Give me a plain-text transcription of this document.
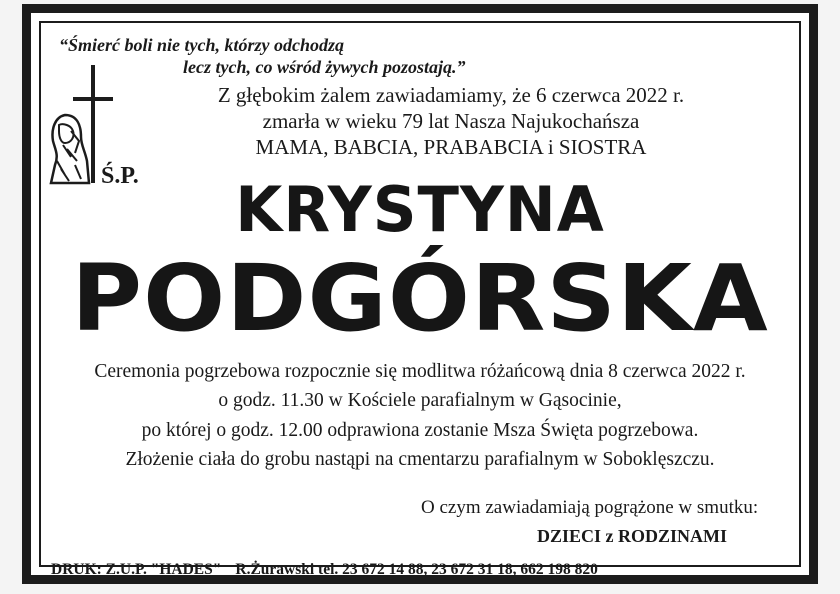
“Śmierć boli nie tych, którzy odchodzą
lecz tych, co wśród żywych pozostają.”
Ś.P.
Z głębokim żalem zawiadamiamy, że 6 czerwca 2022 r.
zmarła w wieku 79 lat Nasza Najukochańsza
MAMA, BABCIA, PRABABCIA i SIOSTRA
KRYSTYNA
PODGÓRSKA
Ceremonia pogrzebowa rozpocznie się modlitwa różańcową dnia 8 czerwca 2022 r.
o godz. 11.30 w Kościele parafialnym w Gąsocinie,
po której o godz. 12.00 odprawiona zostanie Msza Święta pogrzebowa.
Złożenie ciała do grobu nastąpi na cmentarzu parafialnym w Soboklęszczu.
O czym zawiadamiają pogrążone w smutku:
DZIECI z RODZINAMI
DRUK: Z.U.P. "HADES" R.Żurawski tel. 23 672 14 88, 23 672 31 18, 662 198 820
